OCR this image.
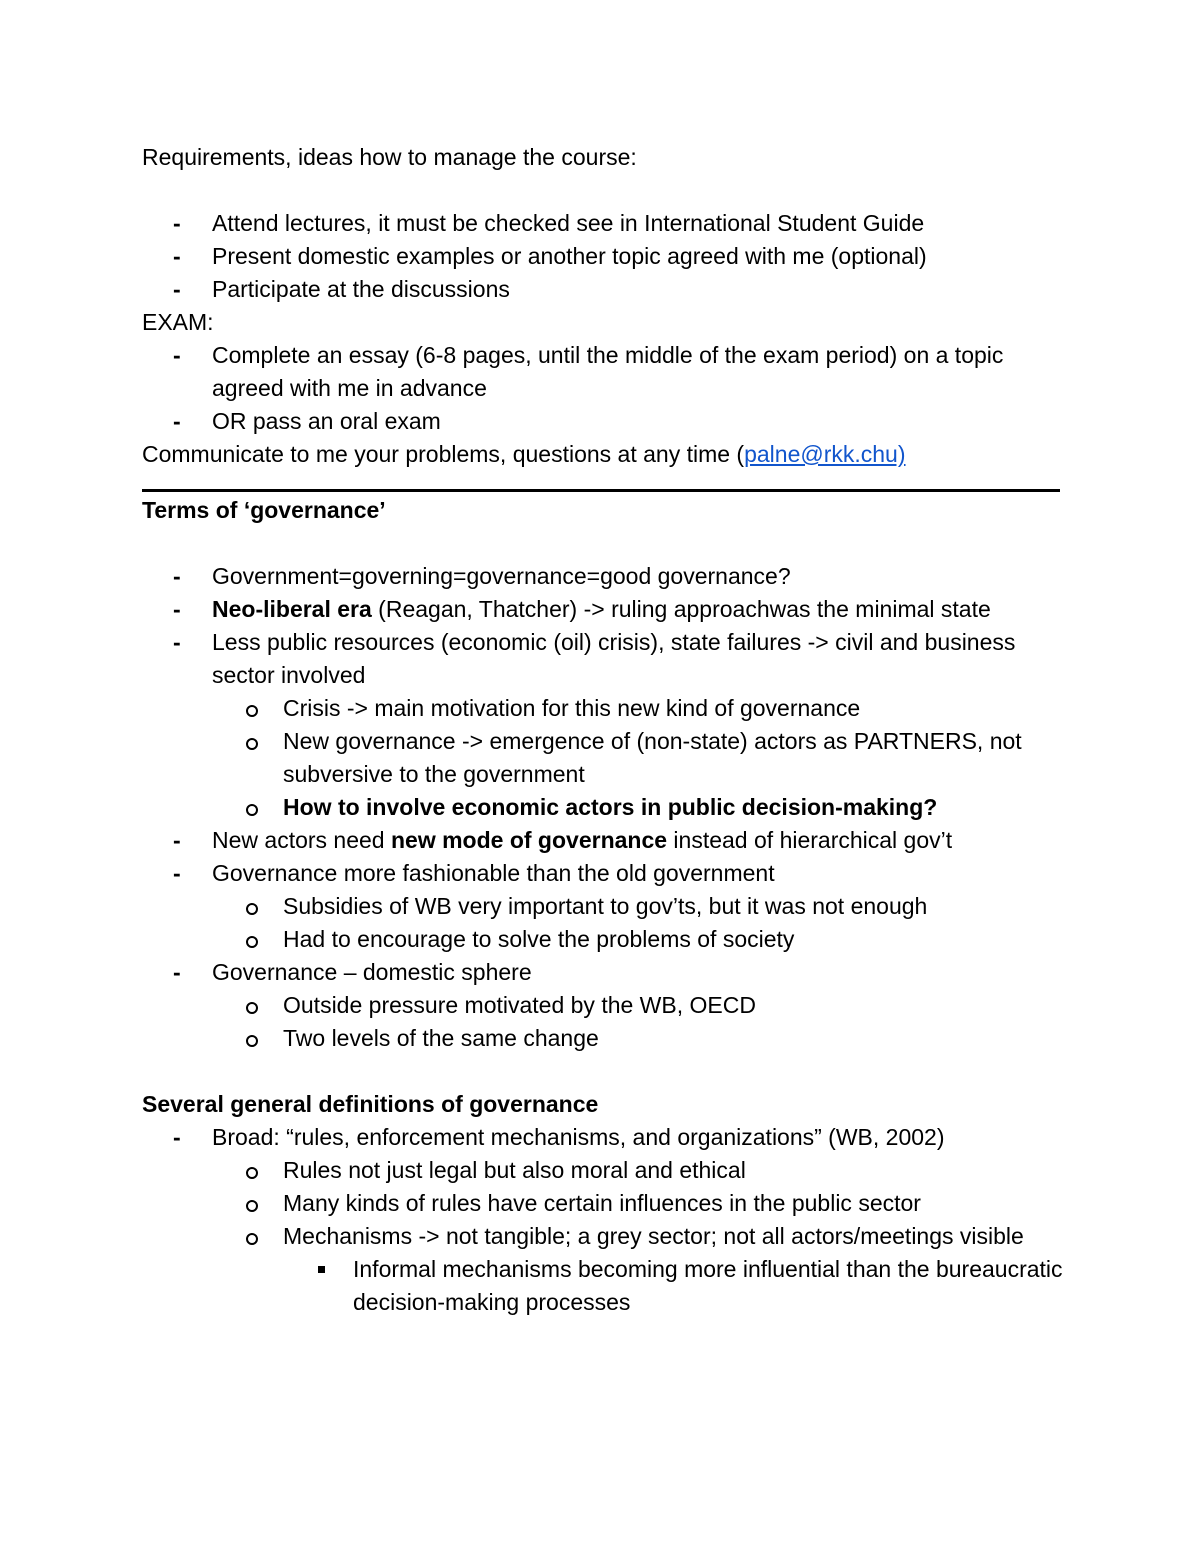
Requirements, ideas how to manage the course:
- Attend lectures, it must be checked see in International Student Guide
- Present domestic examples or another topic agreed with me (optional)
- Participate at the discussions
EXAM:
- Complete an essay (6-8 pages, until the middle of the exam period) on a topic
agreed with me in advance
- OR pass an oral exam
Communicate to me your problems, questions at any time (palne@rkk.chu)
Terms of ‘governance’
- Government=governing=governance=good governance?
- Neo-liberal era (Reagan, Thatcher) -> ruling approachwas the minimal state
- Less public resources (economic (oil) crisis), state failures -> civil and business
sector involved
Crisis -> main motivation for this new kind of governance
New governance -> emergence of (non-state) actors as PARTNERS, not
subversive to the government
How to involve economic actors in public decision-making?
- New actors need new mode of governance instead of hierarchical gov’t
- Governance more fashionable than the old government
Subsidies of WB very important to gov’ts, but it was not enough
Had to encourage to solve the problems of society
- Governance – domestic sphere
Outside pressure motivated by the WB, OECD
Two levels of the same change
Several general definitions of governance
- Broad: “rules, enforcement mechanisms, and organizations” (WB, 2002)
Rules not just legal but also moral and ethical
Many kinds of rules have certain influences in the public sector
Mechanisms -> not tangible; a grey sector; not all actors/meetings visible
Informal mechanisms becoming more influential than the bureaucratic
decision-making processes
